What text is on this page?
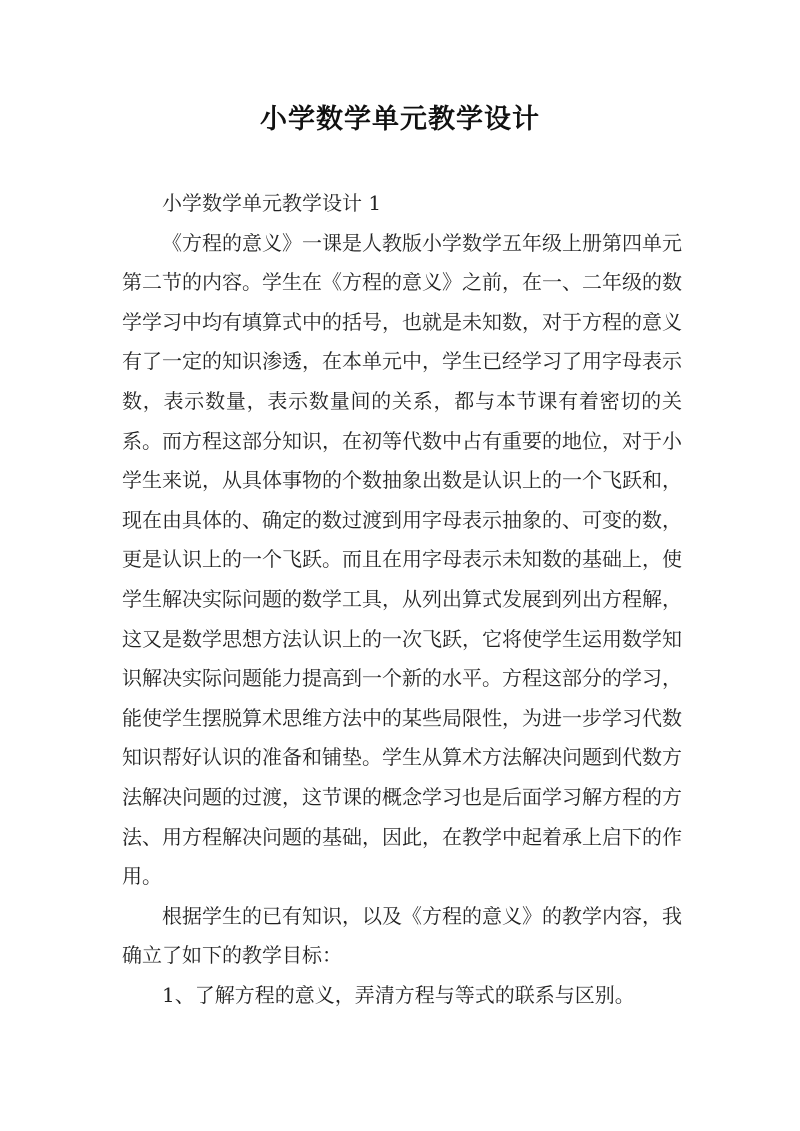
小学数学单元教学设计

小学数学单元教学设计 1

《方程的意义》一课是人教版小学数学五年级上册第四单元第二节的内容。学生在《方程的意义》之前，在一、二年级的数学学习中均有填算式中的括号，也就是未知数，对于方程的意义有了一定的知识渗透，在本单元中，学生已经学习了用字母表示数，表示数量，表示数量间的关系，都与本节课有着密切的关系。而方程这部分知识，在初等代数中占有重要的地位，对于小学生来说，从具体事物的个数抽象出数是认识上的一个飞跃和，现在由具体的、确定的数过渡到用字母表示抽象的、可变的数，更是认识上的一个飞跃。而且在用字母表示未知数的基础上，使学生解决实际问题的数学工具，从列出算式发展到列出方程解，这又是数学思想方法认识上的一次飞跃，它将使学生运用数学知识解决实际问题能力提高到一个新的水平。方程这部分的学习，能使学生摆脱算术思维方法中的某些局限性，为进一步学习代数知识帮好认识的准备和铺垫。学生从算术方法解决问题到代数方法解决问题的过渡，这节课的概念学习也是后面学习解方程的方法、用方程解决问题的基础，因此，在教学中起着承上启下的作用。

根据学生的已有知识，以及《方程的意义》的教学内容，我确立了如下的教学目标：

1、了解方程的意义，弄清方程与等式的联系与区别。
